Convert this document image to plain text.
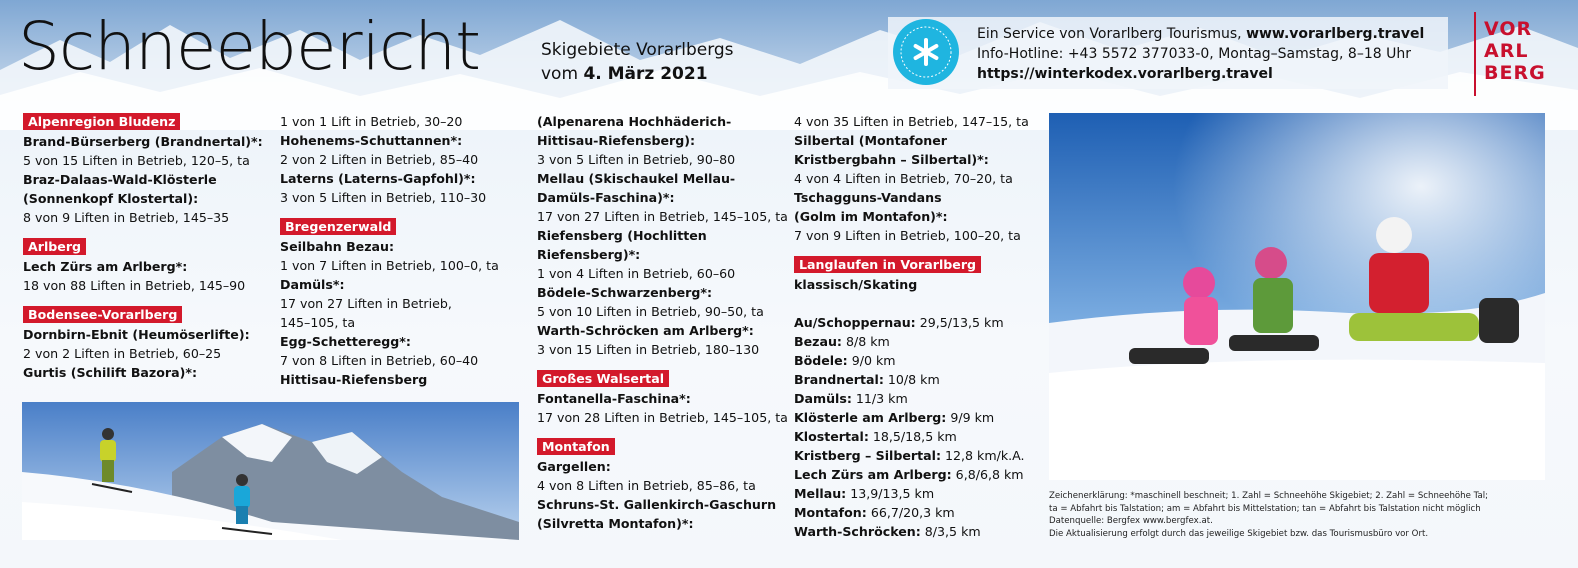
Schneebericht	Skigebiete Vorarlbergs
vom 4. März 2021
Ein Service von Vorarlberg Tourismus, www.vorarlberg.travel
Info-Hotline: +43 5572 377033-0, Montag–Samstag, 8–18 Uhr
https://winterkodex.vorarlberg.travel
VOR
ARL
BERG
Alpenregion Bludenz
Brand-Bürserberg (Brandnertal)*:
5 von 15 Liften in Betrieb, 120–5, ta
Braz-Dalaas-Wald-Klösterle
(Sonnenkopf Klostertal):
8 von 9 Liften in Betrieb, 145–35
Arlberg
Lech Zürs am Arlberg*:
18 von 88 Liften in Betrieb, 145–90
Bodensee-Vorarlberg
Dornbirn-Ebnit (Heumöserlifte):
2 von 2 Liften in Betrieb, 60–25
Gurtis (Schilift Bazora)*:
1 von 1 Lift in Betrieb, 30–20
Hohenems-Schuttannen*:
2 von 2 Liften in Betrieb, 85–40
Laterns (Laterns-Gapfohl)*:
3 von 5 Liften in Betrieb, 110–30
Bregenzerwald
Seilbahn Bezau:
1 von 7 Liften in Betrieb, 100–0, ta
Damüls*:
17 von 27 Liften in Betrieb,
145–105, ta
Egg-Schetteregg*:
7 von 8 Liften in Betrieb, 60–40
Hittisau-Riefensberg
(Alpenarena Hochhäderich-
Hittisau-Riefensberg):
3 von 5 Liften in Betrieb, 90–80
Mellau (Skischaukel Mellau-
Damüls-Faschina)*:
17 von 27 Liften in Betrieb, 145–105, ta
Riefensberg (Hochlitten
Riefensberg)*:
1 von 4 Liften in Betrieb, 60–60
Bödele-Schwarzenberg*:
5 von 10 Liften in Betrieb, 90–50, ta
Warth-Schröcken am Arlberg*:
3 von 15 Liften in Betrieb, 180–130
Großes Walsertal
Fontanella-Faschina*:
17 von 28 Liften in Betrieb, 145–105, ta
Montafon
Gargellen:
4 von 8 Liften in Betrieb, 85–86, ta
Schruns-St. Gallenkirch-Gaschurn
(Silvretta Montafon)*:
4 von 35 Liften in Betrieb, 147–15, ta
Silbertal (Montafoner
Kristbergbahn – Silbertal)*:
4 von 4 Liften in Betrieb, 70–20, ta
Tschagguns-Vandans
(Golm im Montafon)*:
7 von 9 Liften in Betrieb, 100–20, ta
Langlaufen in Vorarlberg
klassisch/Skating
Au/Schoppernau: 29,5/13,5 km
Bezau: 8/8 km
Bödele: 9/0 km
Brandnertal: 10/8 km
Damüls: 11/3 km
Klösterle am Arlberg: 9/9 km
Klostertal: 18,5/18,5 km
Kristberg – Silbertal: 12,8 km/k.A.
Lech Zürs am Arlberg: 6,8/6,8 km
Mellau: 13,9/13,5 km
Montafon: 66,7/20,3 km
Warth-Schröcken: 8/3,5 km
Zeichenerklärung: *maschinell beschneit; 1. Zahl = Schneehöhe Skigebiet; 2. Zahl = Schneehöhe Tal;
ta = Abfahrt bis Talstation; am = Abfahrt bis Mittelstation; tan = Abfahrt bis Talstation nicht möglich
Datenquelle: Bergfex www.bergfex.at.
Die Aktualisierung erfolgt durch das jeweilige Skigebiet bzw. das Tourismusbüro vor Ort.
